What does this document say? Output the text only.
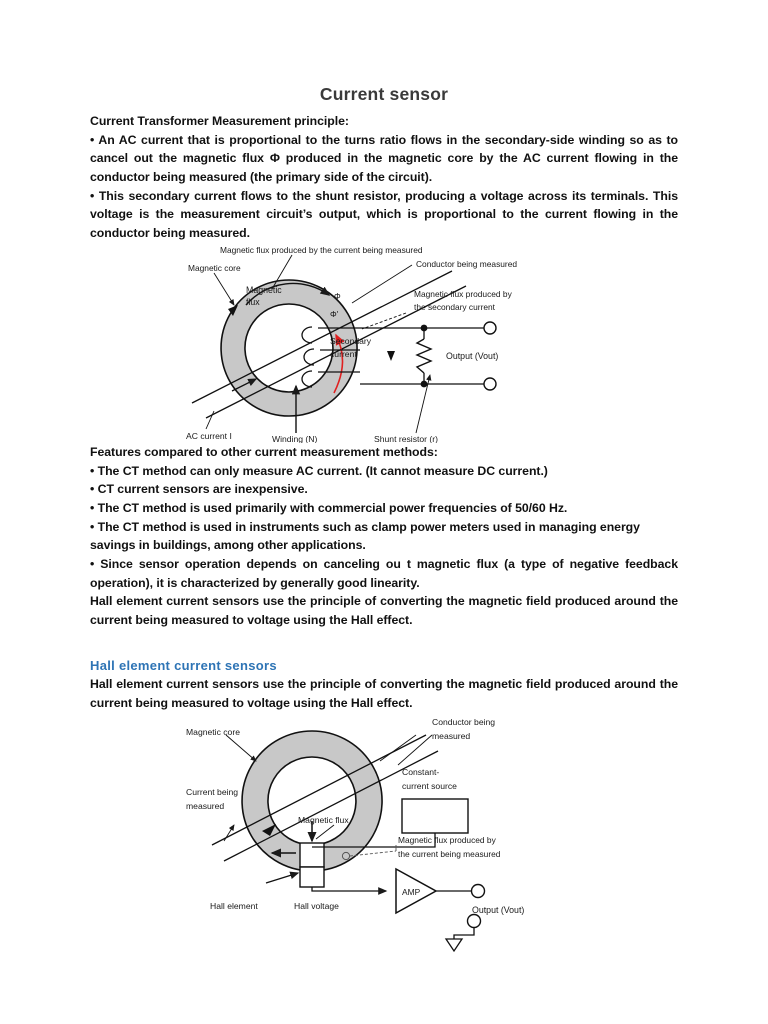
Current sensor

Current Transformer Measurement principle:

• An AC current that is proportional to the turns ratio flows in the secondary-side winding so as to cancel out the magnetic flux Φ produced in the magnetic core by the AC current flowing in the conductor being measured (the primary side of the circuit).
• This secondary current flows to the shunt resistor, producing a voltage across its terminals. This voltage is the measurement circuit’s output, which is proportional to the current flowing in the conductor being measured.
Magnetic flux produced by the current being measured
Magnetic core
Magnetic
flux
Φ
Φ'
Conductor being measured
Magnetic flux produced by
the secondary current
Secondary
current	Output (Vout)
AC current I	Winding (N)	Shunt resistor (r)

Features compared to other current measurement methods:

• The CT method can only measure AC current. (It cannot measure DC current.)
• CT current sensors are inexpensive.
• The CT method is used primarily with commercial power frequencies of 50/60 Hz.
• The CT method is used in instruments such as clamp power meters used in managing energy savings in buildings, among other applications.
• Since sensor operation depends on canceling ou t magnetic flux (a type of negative feedback operation), it is characterized by generally good linearity.

Hall element current sensors use the principle of converting the magnetic field produced around the current being measured to voltage using the Hall effect.

Hall element current sensors

Hall element current sensors use the principle of converting the magnetic field produced around the current being measured to voltage using the Hall effect.

Magnetic core
Conductor being
measured
Current being
measured
Constant-
current source
Magnetic flux
Magnetic flux produced by
the current being measured
Hall element	Hall voltage
AMP
Output (Vout)
